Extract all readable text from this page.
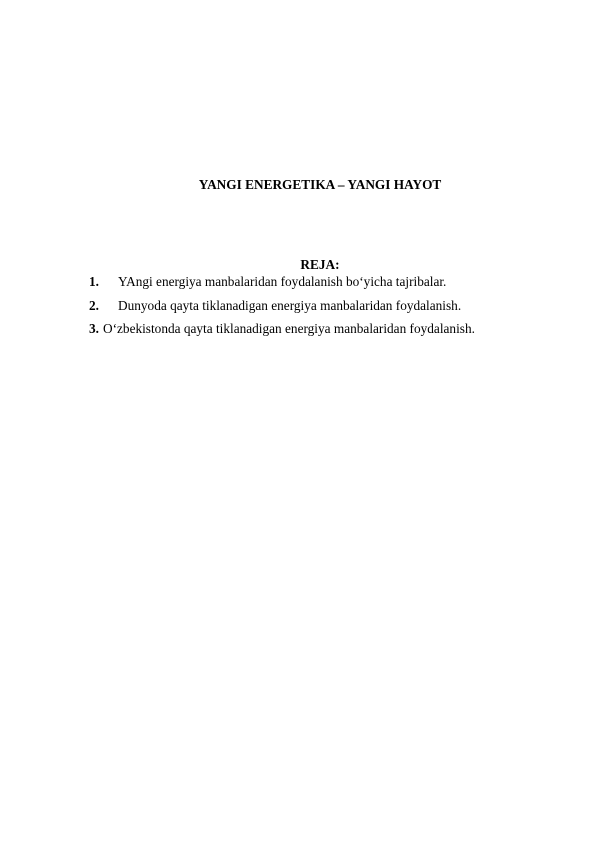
YANGI ENERGETIKA – YANGI HAYOT
REJA:
1.	YAngi energiya manbalaridan foydalanish bo‘yicha tajribalar.
2.	Dunyoda qayta tiklanadigan energiya manbalaridan foydalanish.
3. O‘zbekistonda qayta tiklanadigan energiya manbalaridan foydalanish.
